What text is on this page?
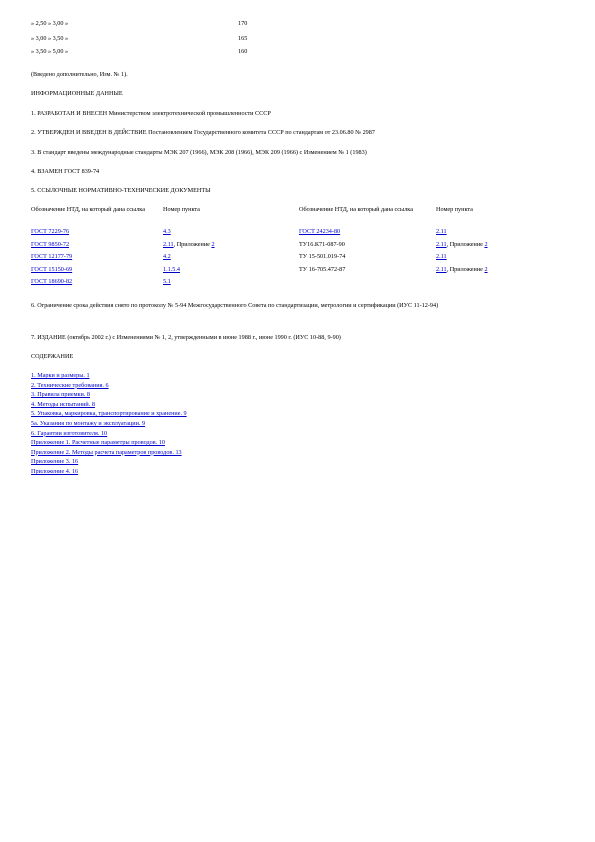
» 2,50 » 3,00 »	170
» 3,00 » 3,50 »	165
» 3,50 » 5,00 »	160
(Введено дополнительно, Изм. № 1).
ИНФОРМАЦИОННЫЕ ДАННЫЕ
1. РАЗРАБОТАН И ВНЕСЕН Министерством электротехнической промышленности СССР
2. УТВЕРЖДЕН И ВВЕДЕН В ДЕЙСТВИЕ Постановлением Государственного комитета СССР по стандартам от 23.06.80 № 2987
3. В стандарт введены международные стандарты МЭК 207 (1966), МЭК 208 (1966), МЭК 209 (1966) с Изменением № 1 (1983)
4. ВЗАМЕН ГОСТ 839-74
5. ССЫЛОЧНЫЕ НОРМАТИВНО-ТЕХНИЧЕСКИЕ ДОКУМЕНТЫ
Обозначение НТД, на который дана ссылка	Номер пункта	Обозначение НТД, на который дана ссылка	Номер пункта
ГОСТ 7229-76	4.3	ГОСТ 24234-80	2.11
ГОСТ 9850-72	2.11, Приложение 2	ТУ16.К71-087-90	2.11, Приложение 2
ГОСТ 12177-79	4.2	ТУ 15-501.019-74	2.11
ГОСТ 15150-69	1.1.5.4	ТУ 16-705.472-87	2.11, Приложение 2
ГОСТ 18690-82	5.1		
6. Ограничение срока действия снято по протоколу № 5-94 Межгосударственного Совета по стандартизации, метрологии и сертификации (ИУС 11-12-94)
7. ИЗДАНИЕ (октябрь 2002 г.) с Изменениями № 1, 2, утвержденными в июне 1988 г., июне 1990 г. (ИУС 10-88, 9-90)
СОДЕРЖАНИЕ
1. Марки и размеры. 1
2. Технические требования. 6
3. Правила приемки. 8
4. Методы испытаний. 8
5. Упаковка, маркировка, транспортирование и хранение. 9
5а. Указания по монтажу и эксплуатации. 9
6. Гарантии изготовителя. 10
Приложение 1. Расчетные параметры проводов. 10
Приложение 2. Методы расчета параметров проводов. 13
Приложение 3. 16
Приложение 4. 16
